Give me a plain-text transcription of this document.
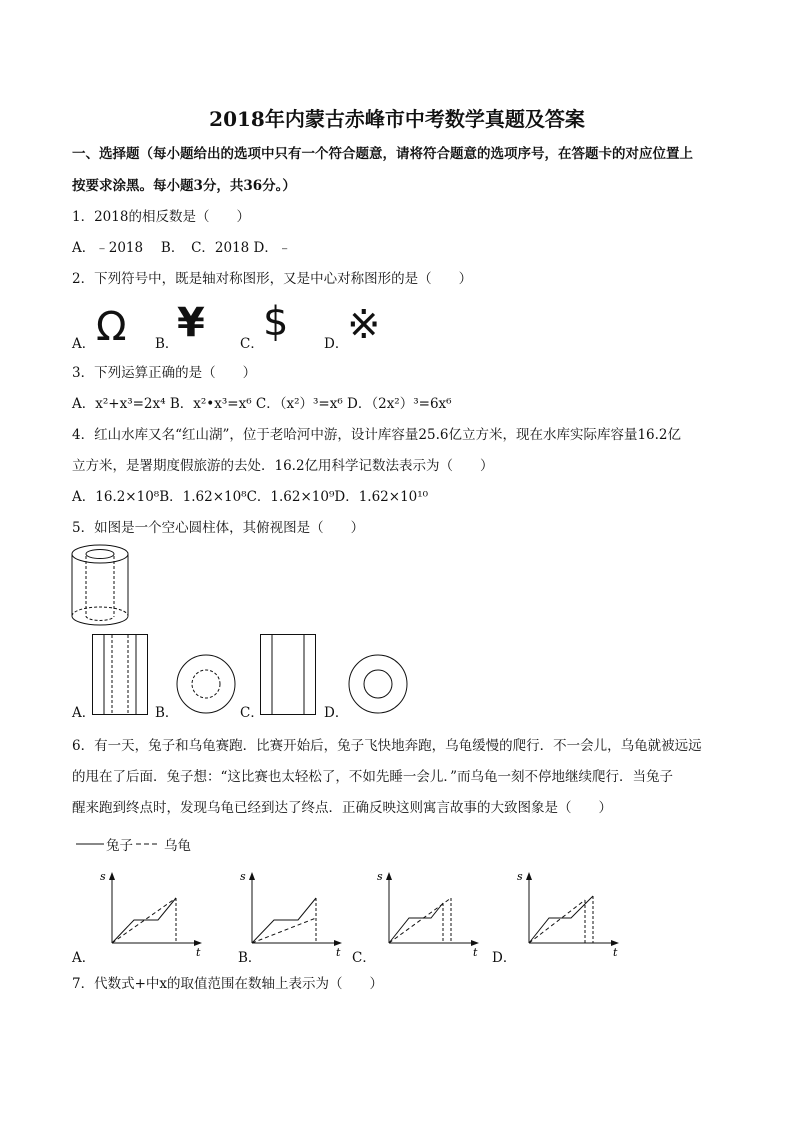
2018年内蒙古赤峰市中考数学真题及答案
一、选择题（每小题给出的选项中只有一个符合题意，请将符合题意的选项序号，在答题卡的对应位置上
按要求涂黑。每小题3分，共36分。）
1．2018的相反数是（　　）
A．﹣2018　 B．　C．2018 D．﹣
2．下列符号中，既是轴对称图形，又是中心对称图形的是（　　）
A． Ω B．
¥	C． $	D．
※
3．下列运算正确的是（　　）
A．x²+x³=2x⁴ B．x²•x³=x⁶ C．（x²）³=x⁶ D．（2x²）³=6x⁶
4．红山水库又名“红山湖”，位于老哈河中游，设计库容量25.6亿立方米，现在水库实际库容量16.2亿
立方米，是署期度假旅游的去处．16.2亿用科学记数法表示为（　　）
A．16.2×10⁸B．1.62×10⁸C．1.62×10⁹D．1.62×10¹⁰
5．如图是一个空心圆柱体，其俯视图是（　　）
A．	B．	C．	D．
6．有一天，兔子和乌龟赛跑．比赛开始后，兔子飞快地奔跑，乌龟缓慢的爬行．不一会儿，乌龟就被远远
的甩在了后面．兔子想：“这比赛也太轻松了，不如先睡一会儿．”而乌龟一刻不停地继续爬行．当兔子
醒来跑到终点时，发现乌龟已经到达了终点．正确反映这则寓言故事的大致图象是（　　）
兔子 乌龟
A．
s
t
s
t
B．	C．
s
t D．
s
t
7．代数式+中x的取值范围在数轴上表示为（　　）
